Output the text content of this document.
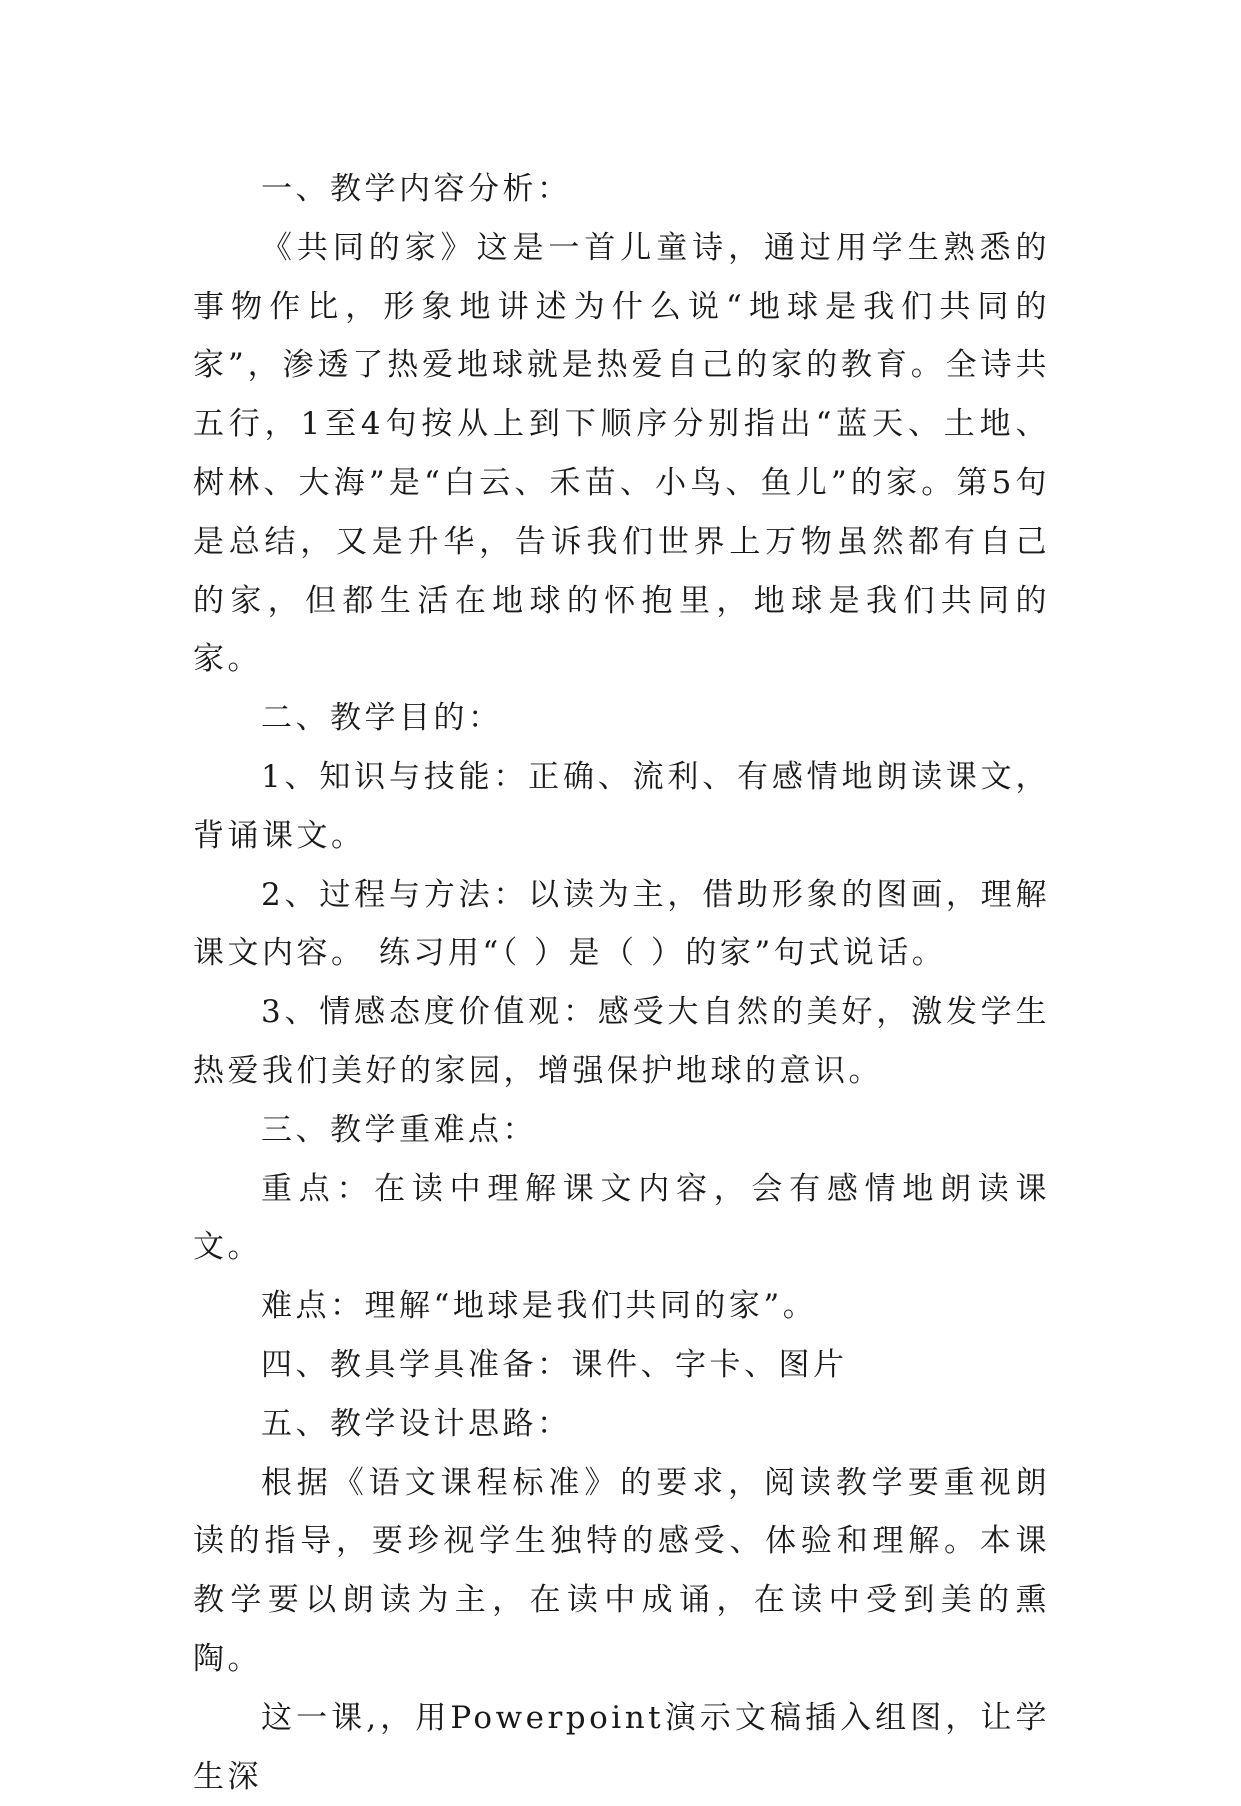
一、教学内容分析：

《共同的家》这是一首儿童诗，通过用学生熟悉的事物作比，形象地讲述为什么说“地球是我们共同的家”，渗透了热爱地球就是热爱自己的家的教育。全诗共五行，1至4句按从上到下顺序分别指出“蓝天、土地、树林、大海”是“白云、禾苗、小鸟、鱼儿”的家。第5句是总结，又是升华，告诉我们世界上万物虽然都有自己的家，但都生活在地球的怀抱里，地球是我们共同的家。

二、教学目的：

1、知识与技能：正确、流利、有感情地朗读课文，背诵课文。

2、过程与方法：以读为主，借助形象的图画，理解课文内容。 练习用“（ ）是（ ）的家”句式说话。

3、情感态度价值观：感受大自然的美好，激发学生热爱我们美好的家园，增强保护地球的意识。

三、教学重难点：

重点：在读中理解课文内容，会有感情地朗读课文。

难点：理解“地球是我们共同的家”。

四、教具学具准备：课件、字卡、图片

五、教学设计思路：

根据《语文课程标准》的要求，阅读教学要重视朗读的指导，要珍视学生独特的感受、体验和理解。本课教学要以朗读为主，在读中成诵，在读中受到美的熏陶。

这一课,，用Powerpoint演示文稿插入组图，让学生深
